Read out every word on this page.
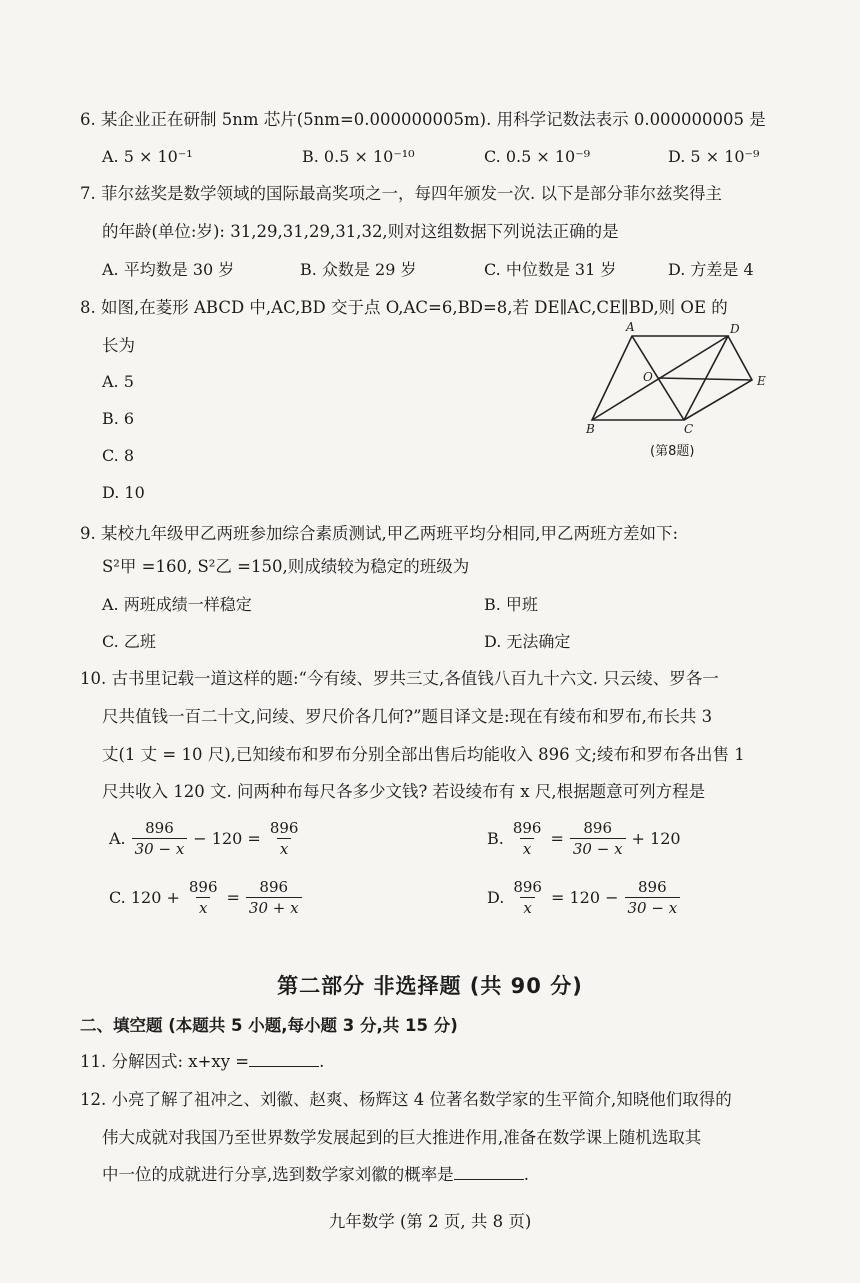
6. 某企业正在研制 5nm 芯片(5nm=0.000000005m). 用科学记数法表示 0.000000005 是
A. 5 × 10⁻¹	B. 0.5 × 10⁻¹⁰	C. 0.5 × 10⁻⁹	D. 5 × 10⁻⁹
7. 菲尔兹奖是数学领域的国际最高奖项之一，每四年颁发一次. 以下是部分菲尔兹奖得主
的年龄(单位:岁): 31,29,31,29,31,32,则对这组数据下列说法正确的是
A. 平均数是 30 岁	B. 众数是 29 岁	C. 中位数是 31 岁	D. 方差是 4
8. 如图,在菱形 ABCD 中,AC,BD 交于点 O,AC=6,BD=8,若 DE∥AC,CE∥BD,则 OE 的
长为
A. 5
B. 6
C. 8
D. 10
A	D
O	E
B	C
(第8题)
9. 某校九年级甲乙两班参加综合素质测试,甲乙两班平均分相同,甲乙两班方差如下:
S²甲 =160, S²乙 =150,则成绩较为稳定的班级为
A. 两班成绩一样稳定	B. 甲班
C. 乙班	D. 无法确定
10. 古书里记载一道这样的题:“今有绫、罗共三丈,各值钱八百九十六文. 只云绫、罗各一
尺共值钱一百二十文,问绫、罗尺价各几何?”题目译文是:现在有绫布和罗布,布长共 3
丈(1 丈 = 10 尺),已知绫布和罗布分别全部出售后均能收入 896 文;绫布和罗布各出售 1
尺共收入 120 文. 问两种布每尺各多少文钱? 若设绫布有 x 尺,根据题意可列方程是
A. $\frac{896}{30 - x} - 120 = \frac{896}{x}$	B. $\frac{896}{x} = \frac{896}{30 - x} + 120$
C. $120 + \frac{896}{x} = \frac{896}{30 + x}$	D. $\frac{896}{x} = 120 - \frac{896}{30 - x}$
第二部分 非选择题 (共 90 分)
二、填空题 (本题共 5 小题,每小题 3 分,共 15 分)
11. 分解因式: x+xy =	.
12. 小亮了解了祖冲之、刘徽、赵爽、杨辉这 4 位著名数学家的生平简介,知晓他们取得的
伟大成就对我国乃至世界数学发展起到的巨大推进作用,准备在数学课上随机选取其
中一位的成就进行分享,选到数学家刘徽的概率是	.
九年数学 (第 2 页, 共 8 页)
